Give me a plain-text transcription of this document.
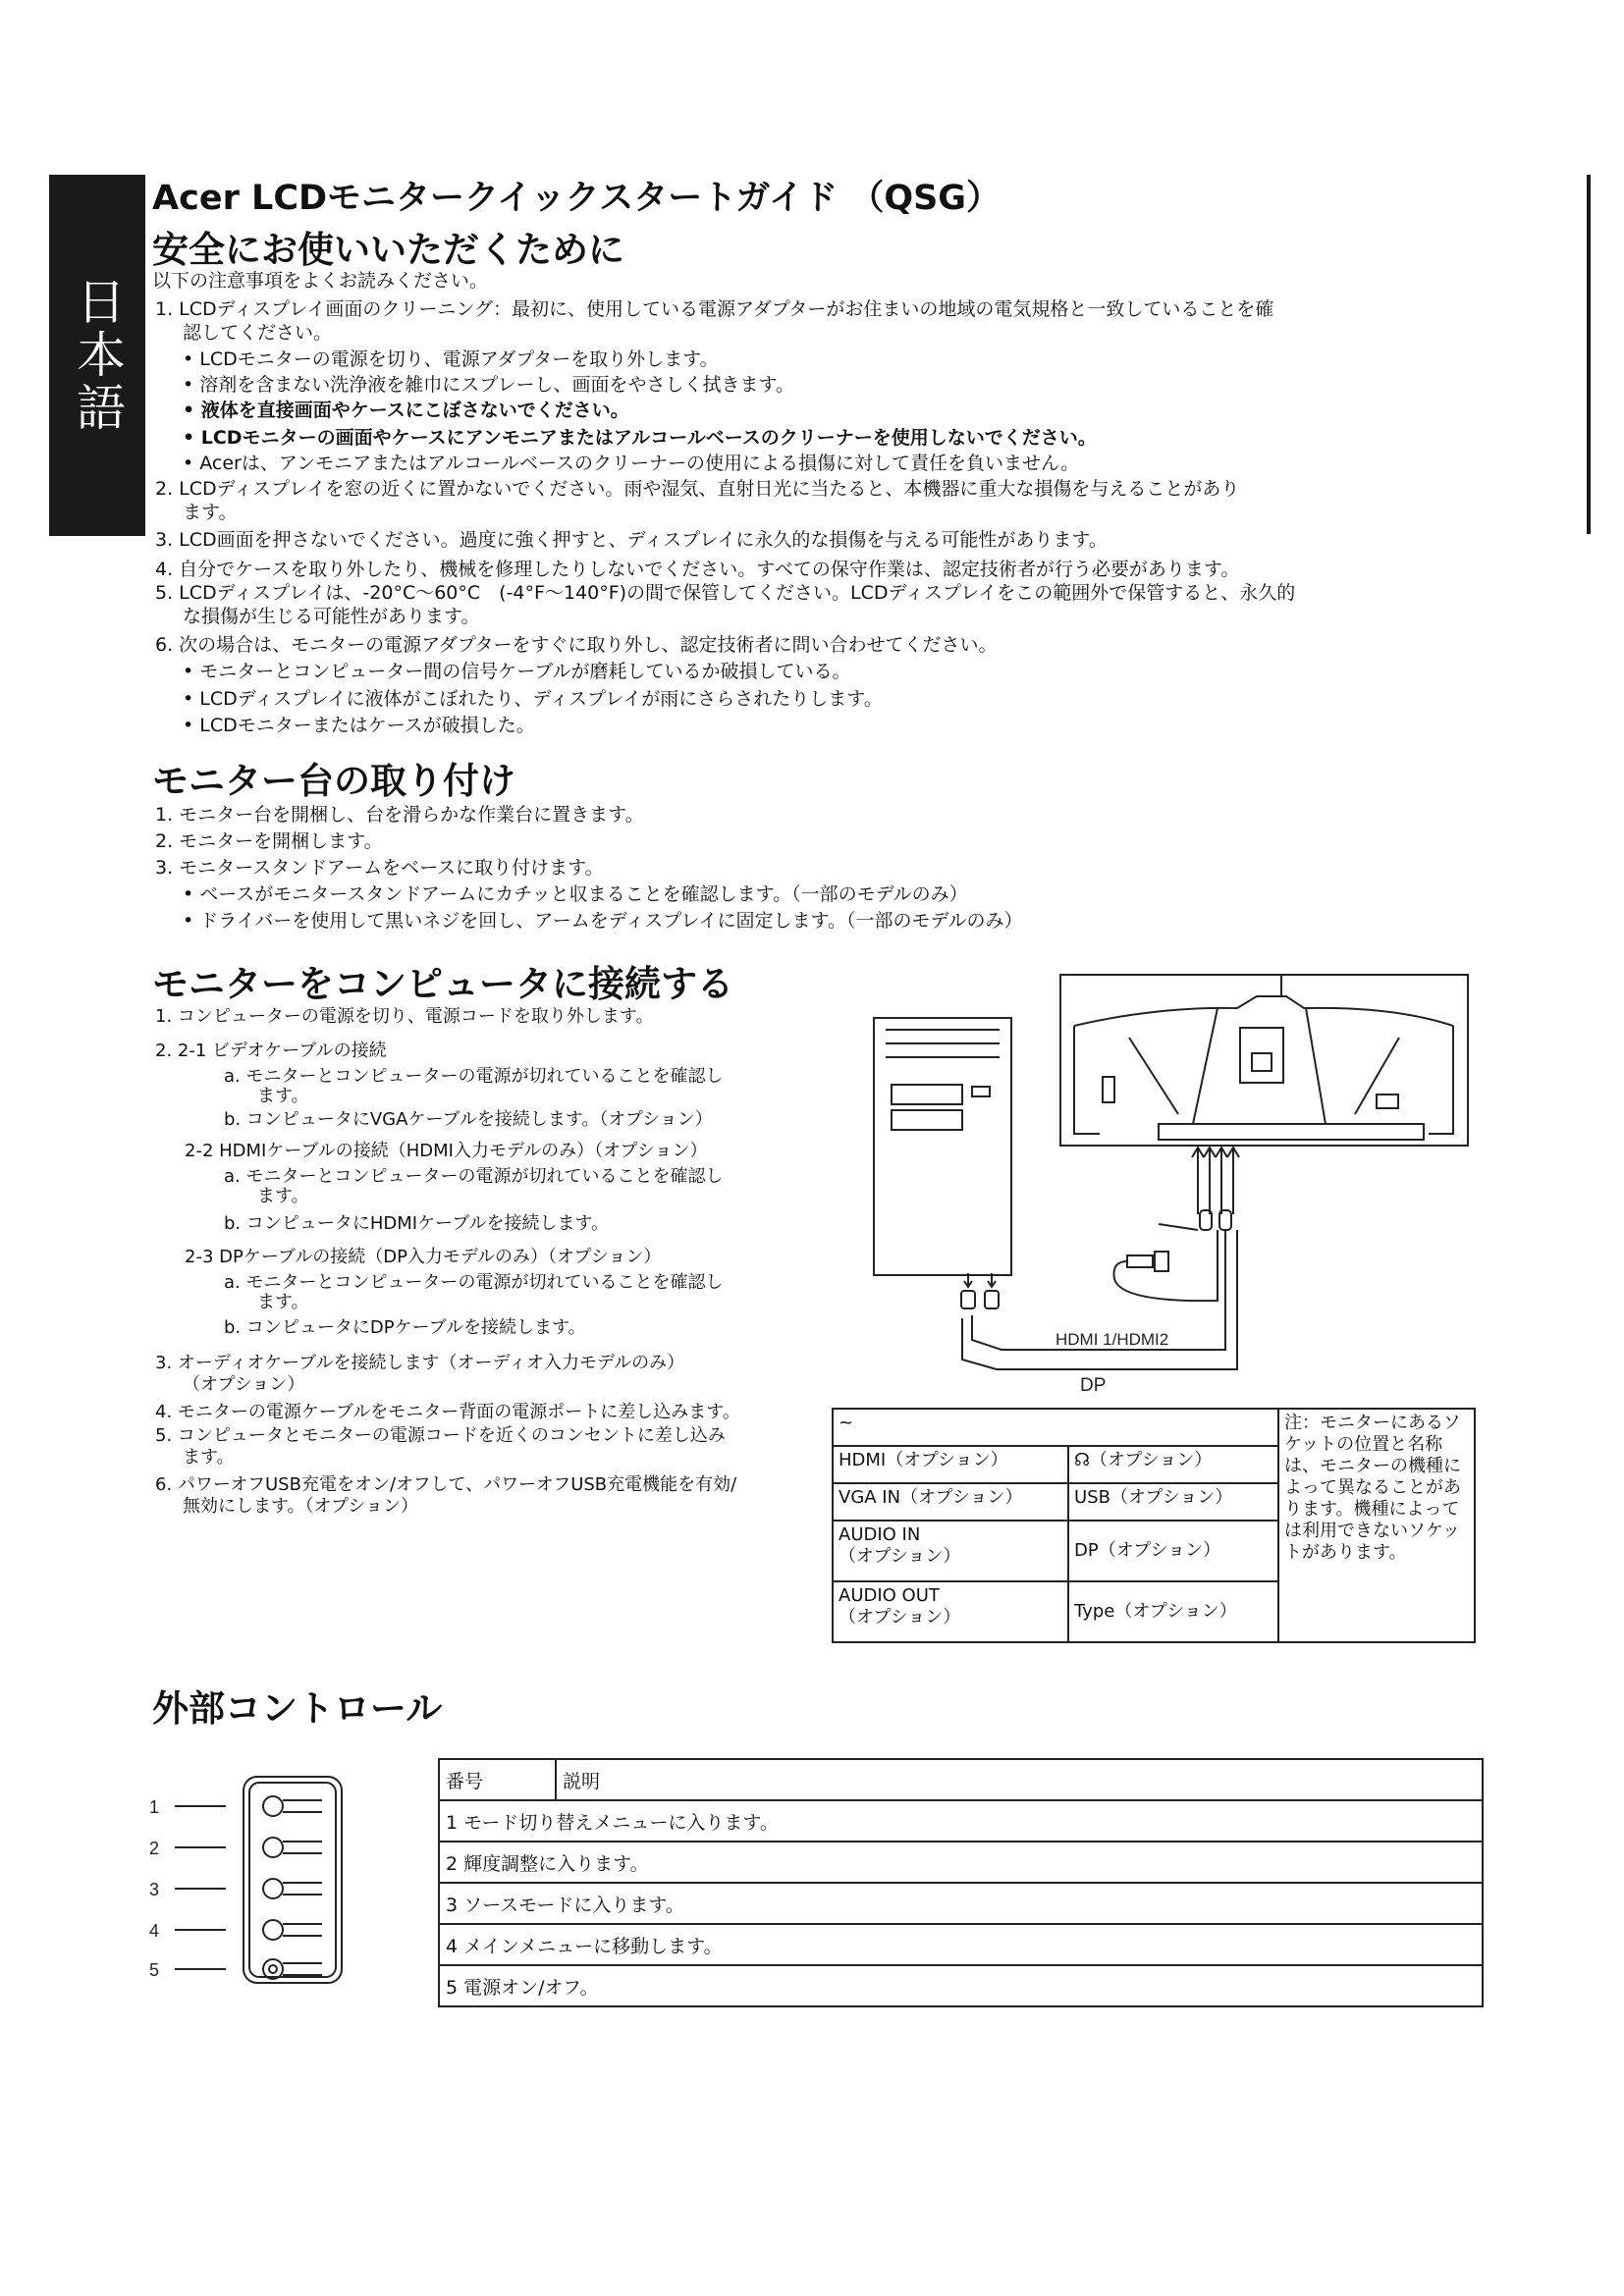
日本語
Acer LCDモニタークイックスタートガイド （QSG）
安全にお使いいただくために
以下の注意事項をよくお読みください。
1. LCDディスプレイ画面のクリーニング：最初に、使用している電源アダプターがお住まいの地域の電気規格と一致していることを確
認してください。
• LCDモニターの電源を切り、電源アダプターを取り外します。
• 溶剤を含まない洗浄液を雑巾にスプレーし、画面をやさしく拭きます。
• 液体を直接画面やケースにこぼさないでください。
• LCDモニターの画面やケースにアンモニアまたはアルコールベースのクリーナーを使用しないでください。
• Acerは、アンモニアまたはアルコールベースのクリーナーの使用による損傷に対して責任を負いません。
2. LCDディスプレイを窓の近くに置かないでください。雨や湿気、直射日光に当たると、本機器に重大な損傷を与えることがあり
ます。
3. LCD画面を押さないでください。過度に強く押すと、ディスプレイに永久的な損傷を与える可能性があります。
4. 自分でケースを取り外したり、機械を修理したりしないでください。すべての保守作業は、認定技術者が行う必要があります。
5. LCDディスプレイは、-20°C～60°C　(-4°F～140°F)の間で保管してください。LCDディスプレイをこの範囲外で保管すると、永久的
な損傷が生じる可能性があります。
6. 次の場合は、モニターの電源アダプターをすぐに取り外し、認定技術者に問い合わせてください。
• モニターとコンピューター間の信号ケーブルが磨耗しているか破損している。
• LCDディスプレイに液体がこぼれたり、ディスプレイが雨にさらされたりします。
• LCDモニターまたはケースが破損した。
モニター台の取り付け
1. モニター台を開梱し、台を滑らかな作業台に置きます。
2. モニターを開梱します。
3. モニタースタンドアームをベースに取り付けます。
• ベースがモニタースタンドアームにカチッと収まることを確認します。（一部のモデルのみ）
• ドライバーを使用して黒いネジを回し、アームをディスプレイに固定します。（一部のモデルのみ）
モニターをコンピュータに接続する
1. コンピューターの電源を切り、電源コードを取り外します。
2. 2-1 ビデオケーブルの接続
a. モニターとコンピューターの電源が切れていることを確認し
ます。
b. コンピュータにVGAケーブルを接続します。（オプション）
2-2 HDMIケーブルの接続（HDMI入力モデルのみ）（オプション）
a. モニターとコンピューターの電源が切れていることを確認し
ます。
b. コンピュータにHDMIケーブルを接続します。
2-3 DPケーブルの接続（DP入力モデルのみ）（オプション）
a. モニターとコンピューターの電源が切れていることを確認し
ます。
b. コンピュータにDPケーブルを接続します。
3. オーディオケーブルを接続します（オーディオ入力モデルのみ）
（オプション）
4. モニターの電源ケーブルをモニター背面の電源ポートに差し込みます。
5. コンピュータとモニターの電源コードを近くのコンセントに差し込み
ます。
6. パワーオフUSB充電をオン/オフして、パワーオフUSB充電機能を有効/
無効にします。（オプション）
HDMI 1/HDMI2
DP
~		注：モニターにあるソケットの位置と名称は、モニターの機種によって異なることがあります。機種によっては利用できないソケットがあります。
HDMI（オプション）	☊（オプション）	
VGA IN（オプション）	USB（オプション）	

AUDIO IN
（オプション）	DP（オプション）	

AUDIO OUT
（オプション）	Type（オプション）	
外部コントロール
1
2
3
4
5
番号	説明
1 モード切り替えメニューに入ります。
2 輝度調整に入ります。
3 ソースモードに入ります。
4 メインメニューに移動します。
5 電源オン/オフ。
